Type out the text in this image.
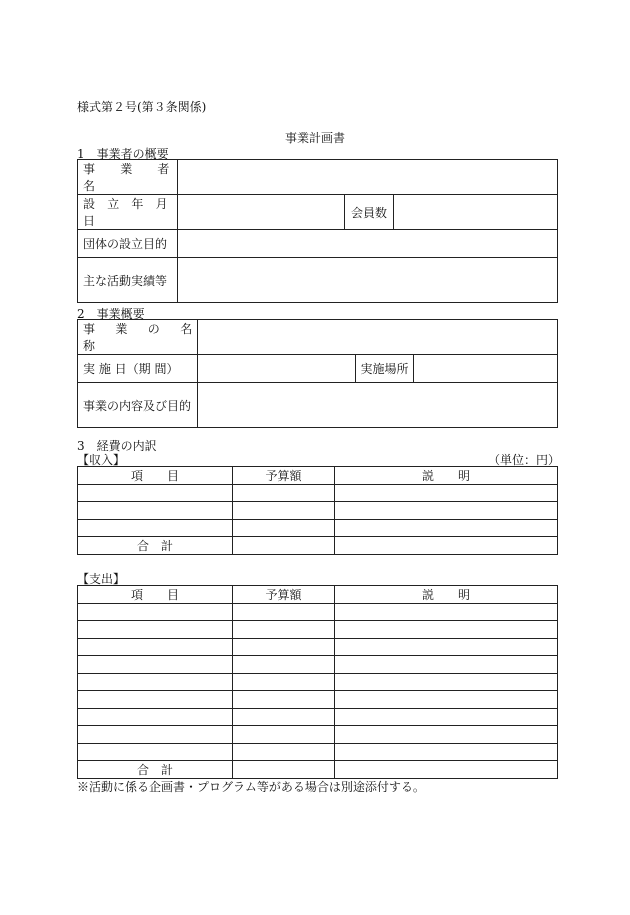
様式第２号(第３条関係)
事業計画書
1　事業者の概要
事　業　者　名			
設 立 年 月 日		会員数	
団体の設立目的			
主な活動実績等			
2　事業概要
事　業　の　名　称			
実 施 日（期 間）		実施場所	
事業の内容及び目的			
3　経費の内訳
【収入】	（単位：円）
項　　目	予算額	説　　明

合　計		
【支出】
項　　目	予算額	説　　明

合　計		
※活動に係る企画書・プログラム等がある場合は別途添付する。
